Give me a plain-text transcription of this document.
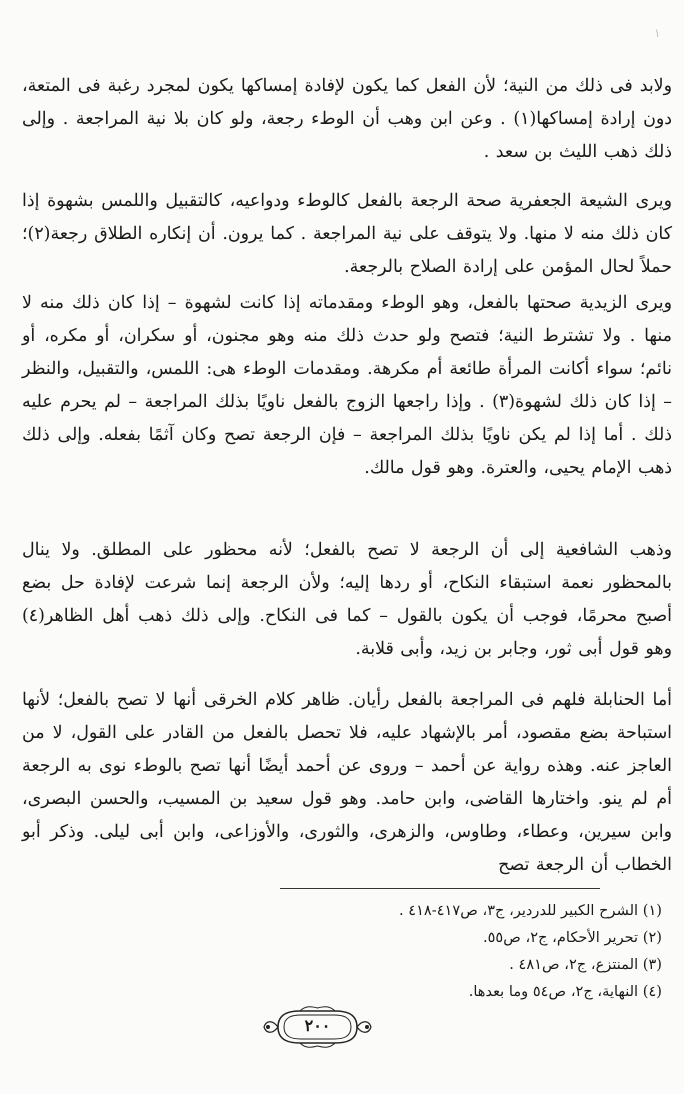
۱

ولابد فى ذلك من النية؛ لأن الفعل كما يكون لإفادة إمساكها يكون لمجرد رغبة فى المتعة، دون إرادة إمساكها(١) . وعن ابن وهب أن الوطء رجعة، ولو كان بلا نية المراجعة . وإلى ذلك ذهب الليث بن سعد .

ويرى الشيعة الجعفرية صحة الرجعة بالفعل كالوطء ودواعيه، كالتقبيل واللمس بشهوة إذا كان ذلك منه لا منها. ولا يتوقف على نية المراجعة . كما يرون. أن إنكاره الطلاق رجعة(٢)؛ حملاً لحال المؤمن على إرادة الصلاح بالرجعة.

ويرى الزيدية صحتها بالفعل، وهو الوطء ومقدماته إذا كانت لشهوة – إذا كان ذلك منه لا منها . ولا تشترط النية؛ فتصح ولو حدث ذلك منه وهو مجنون، أو سكران، أو مكره، أو نائم؛ سواء أكانت المرأة طائعة أم مكرهة. ومقدمات الوطء هى: اللمس، والتقبيل، والنظر – إذا كان ذلك لشهوة(٣) . وإذا راجعها الزوج بالفعل ناويًا بذلك المراجعة – لم يحرم عليه ذلك . أما إذا لم يكن ناويًا بذلك المراجعة – فإن الرجعة تصح وكان آثمًا بفعله. وإلى ذلك ذهب الإمام يحيى، والعترة. وهو قول مالك.

وذهب الشافعية إلى أن الرجعة لا تصح بالفعل؛ لأنه محظور على المطلق. ولا ينال بالمحظور نعمة استبقاء النكاح، أو ردها إليه؛ ولأن الرجعة إنما شرعت لإفادة حل بضع أصبح محرمًا، فوجب أن يكون بالقول – كما فى النكاح. وإلى ذلك ذهب أهل الظاهر(٤) وهو قول أبى ثور، وجابر بن زيد، وأبى قلابة.

أما الحنابلة فلهم فى المراجعة بالفعل رأيان. ظاهر كلام الخرقى أنها لا تصح بالفعل؛ لأنها استباحة بضع مقصود، أمر بالإشهاد عليه، فلا تحصل بالفعل من القادر على القول، لا من العاجز عنه. وهذه رواية عن أحمد – وروى عن أحمد أيضًا أنها تصح بالوطء نوى به الرجعة أم لم ينو. واختارها القاضى، وابن حامد. وهو قول سعيد بن المسيب، والحسن البصرى، وابن سيرين، وعطاء، وطاوس، والزهرى، والثورى، والأوزاعى، وابن أبى ليلى. وذكر أبو الخطاب أن الرجعة تصح

(١) الشرح الكبير للدردير، ج٣، ص٤١٧-٤١٨ .
(٢) تحرير الأحكام، ج٢، ص٥٥.
(٣) المنتزع، ج٢، ص٤٨١ .
(٤) النهاية، ج٢، ص٥٤ وما بعدها.
٢٠٠
